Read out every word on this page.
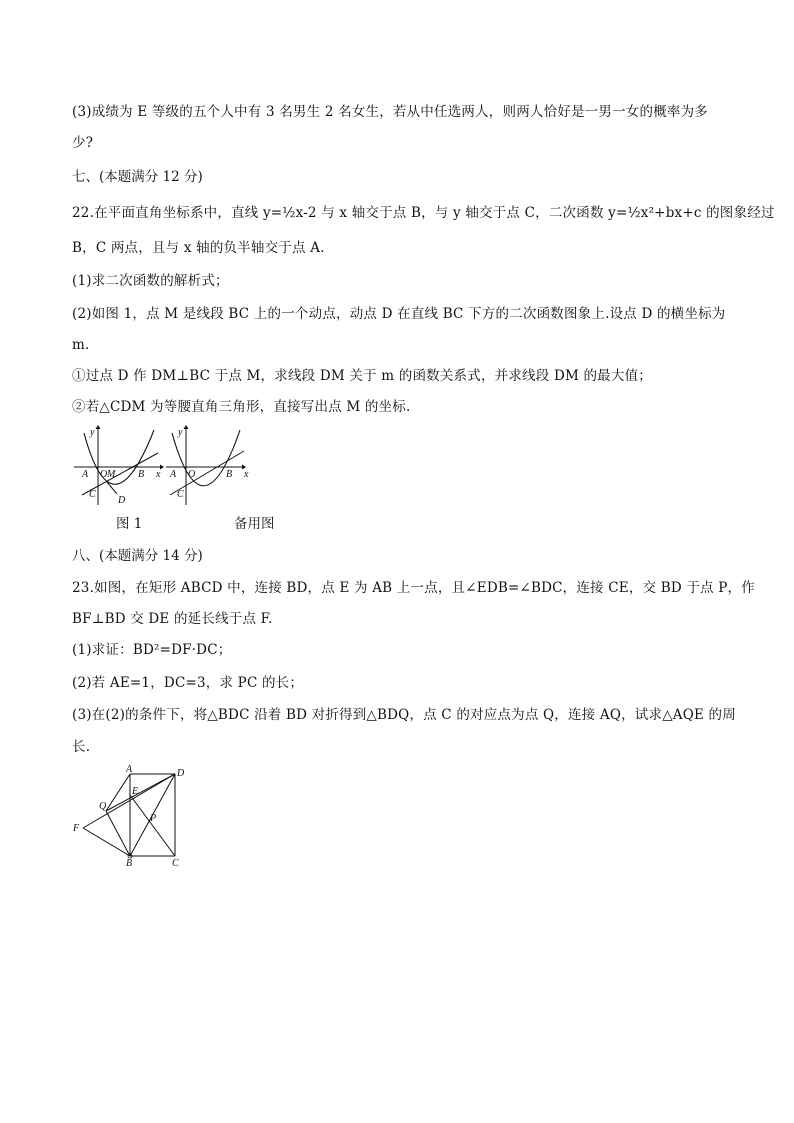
(3)成绩为 E 等级的五个人中有 3 名男生 2 名女生，若从中任选两人，则两人恰好是一男一女的概率为多
少?
七、(本题满分 12 分)
22.在平面直角坐标系中，直线 y=½x-2 与 x 轴交于点 B，与 y 轴交于点 C，二次函数 y=½x²+bx+c 的图象经过
B，C 两点，且与 x 轴的负半轴交于点 A.
(1)求二次函数的解析式；
(2)如图 1，点 M 是线段 BC 上的一个动点，动点 D 在直线 BC 下方的二次函数图象上.设点 D 的横坐标为
m.
①过点 D 作 DM⊥BC 于点 M，求线段 DM 关于 m 的函数关系式，并求线段 DM 的最大值；
②若△CDM 为等腰直角三角形，直接写出点 M 的坐标.
y
x
A O M B
C
D
y
x
A O	B
C
图 1	备用图
八、(本题满分 14 分)
23.如图，在矩形 ABCD 中，连接 BD，点 E 为 AB 上一点，且∠EDB=∠BDC，连接 CE，交 BD 于点 P，作
BF⊥BD 交 DE 的延长线于点 F.
(1)求证：BD²=DF·DC；
(2)若 AE=1，DC=3，求 PC 的长；
(3)在(2)的条件下，将△BDC 沿着 BD 对折得到△BDQ，点 C 的对应点为点 Q，连接 AQ，试求△AQE 的周
长.
A	D
E
Q
F
P
B	C
